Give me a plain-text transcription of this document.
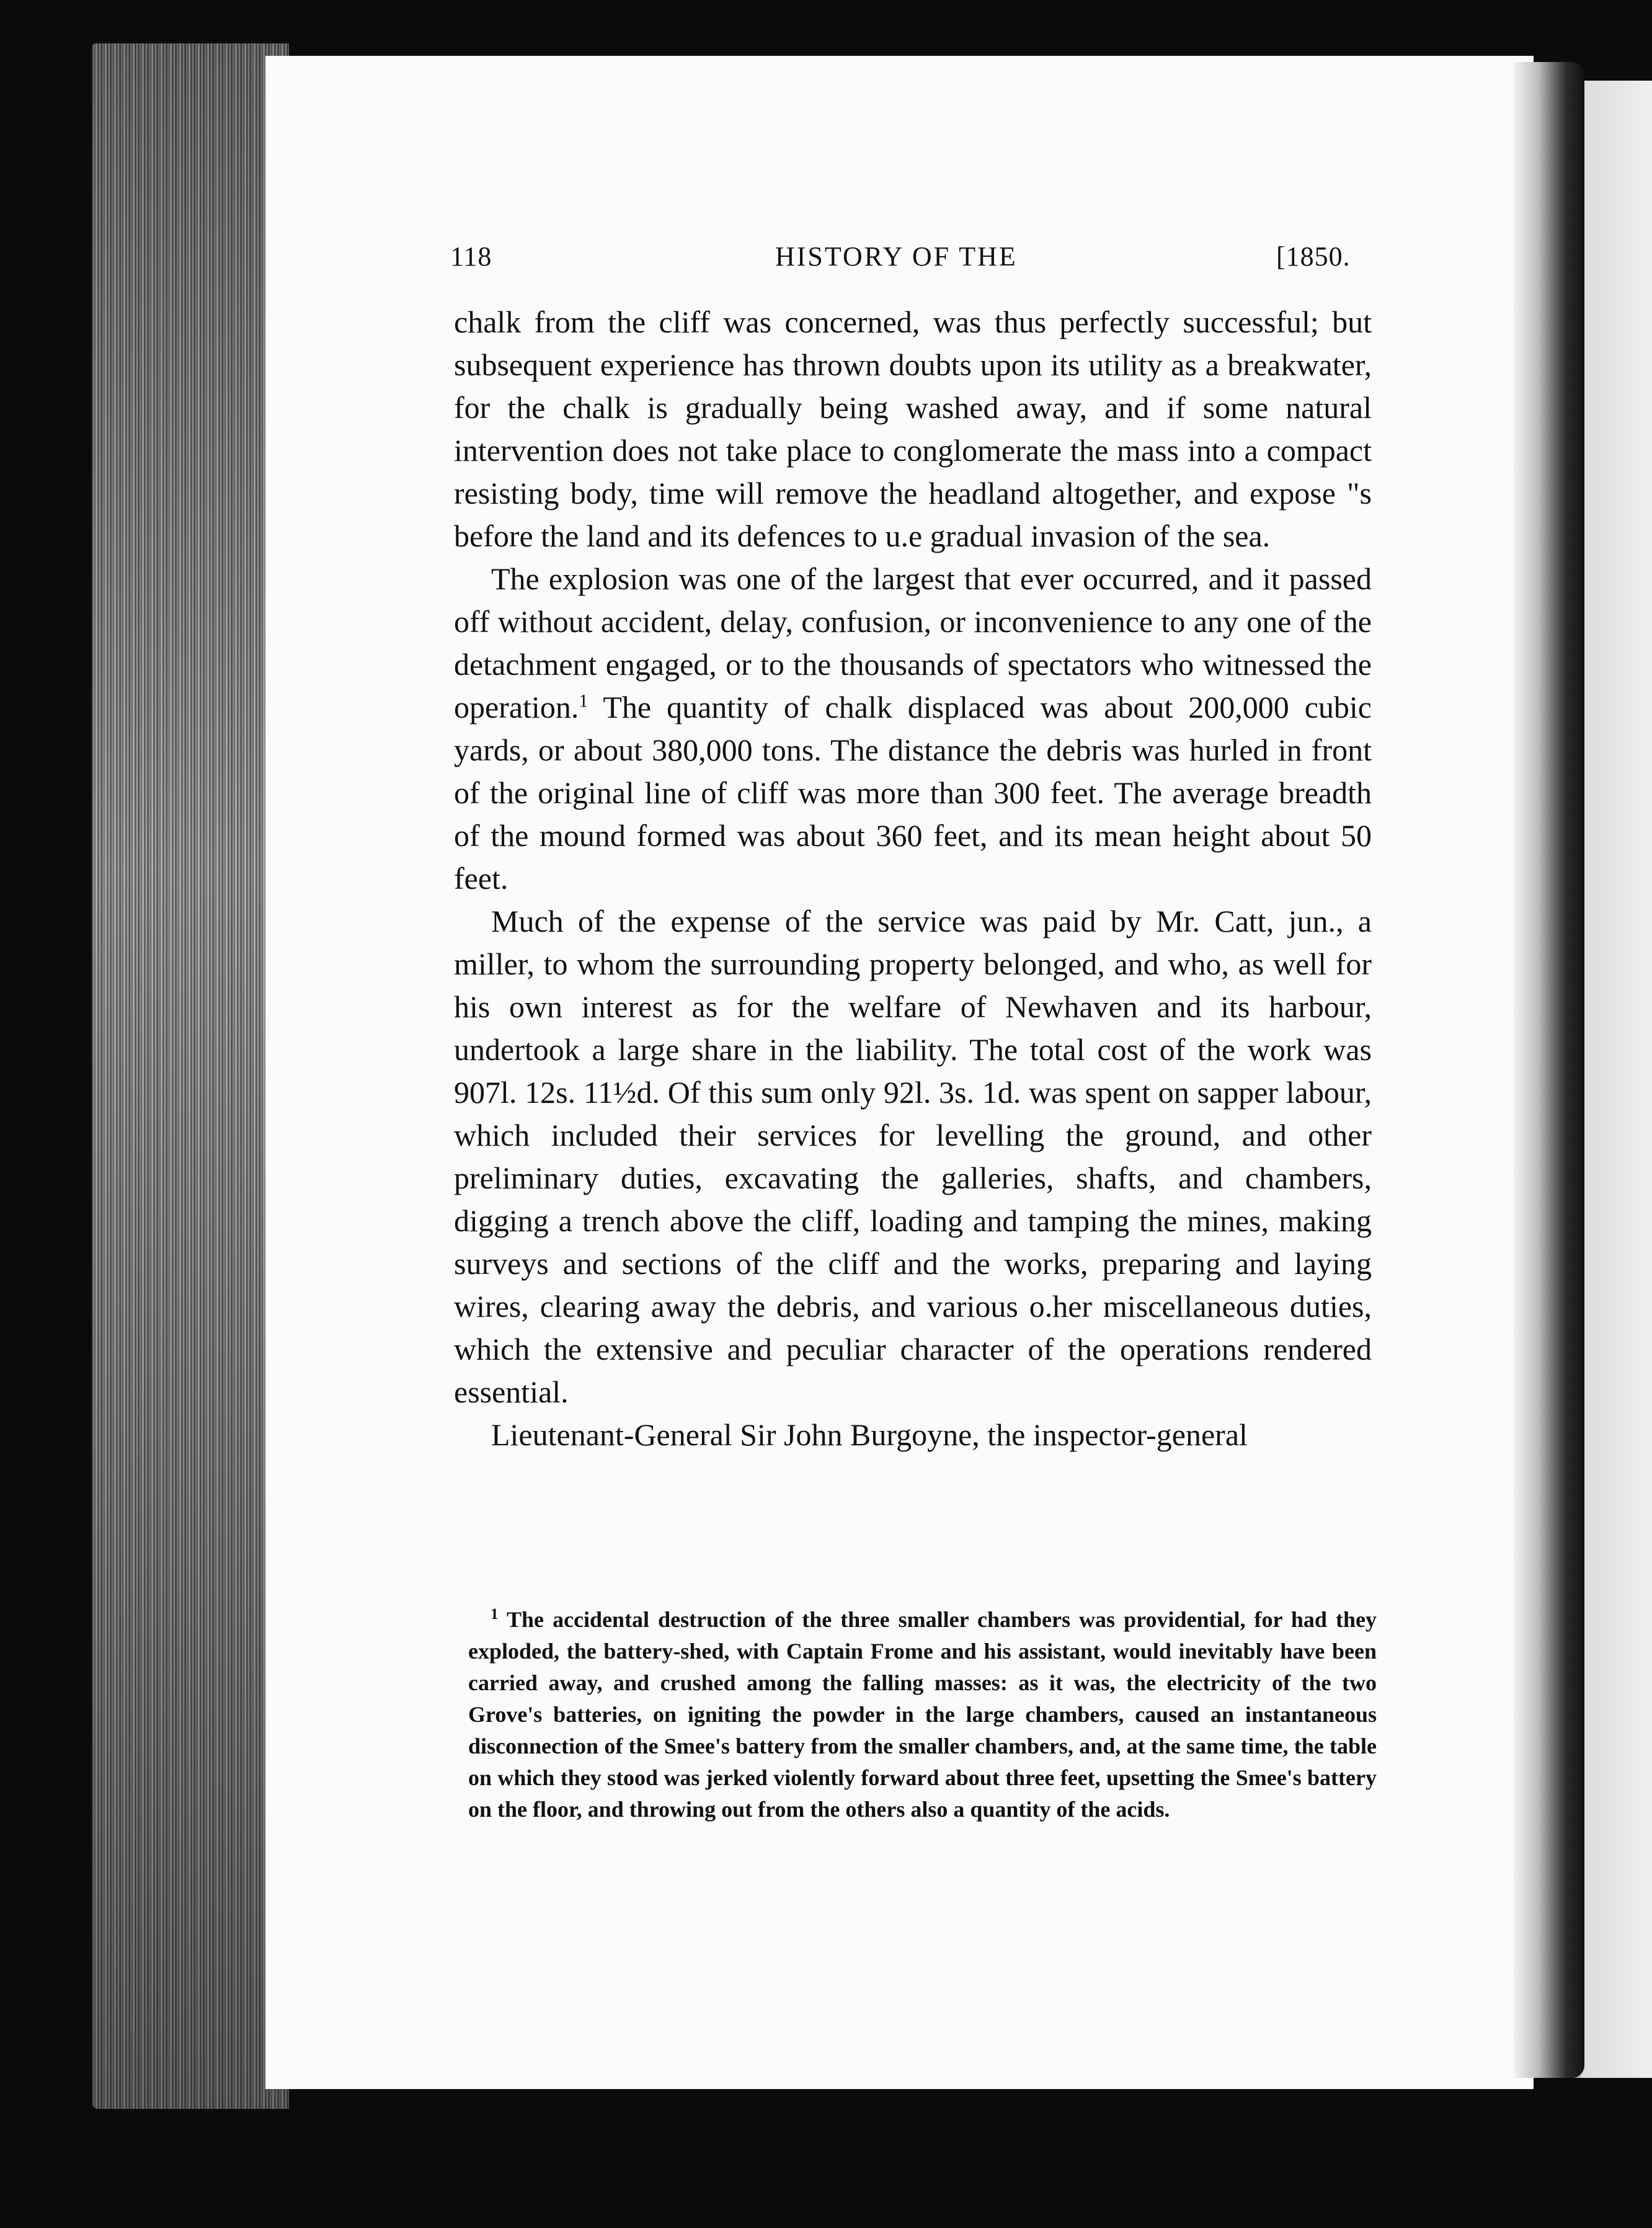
118	HISTORY OF THE	[1850.

chalk from the cliff was concerned, was thus perfectly successful; but subsequent experience has thrown doubts upon its utility as a breakwater, for the chalk is gradually being washed away, and if some natural intervention does not take place to conglomerate the mass into a compact resisting body, time will remove the headland altogether, and expose "s before the land and its defences to u.e gradual invasion of the sea.

The explosion was one of the largest that ever occurred, and it passed off without accident, delay, confusion, or inconvenience to any one of the detachment engaged, or to the thousands of spectators who witnessed the operation.$^1$ The quantity of chalk displaced was about 200,000 cubic yards, or about 380,000 tons. The distance the debris was hurled in front of the original line of cliff was more than 300 feet. The average breadth of the mound formed was about 360 feet, and its mean height about 50 feet.

Much of the expense of the service was paid by Mr. Catt, jun., a miller, to whom the surrounding property belonged, and who, as well for his own interest as for the welfare of Newhaven and its harbour, undertook a large share in the liability. The total cost of the work was 907l. 12s. 11½d. Of this sum only 92l. 3s. 1d. was spent on sapper labour, which included their services for levelling the ground, and other preliminary duties, excavating the galleries, shafts, and chambers, digging a trench above the cliff, loading and tamping the mines, making surveys and sections of the cliff and the works, preparing and laying wires, clearing away the debris, and various o.her miscellaneous duties, which the extensive and peculiar character of the operations rendered essential.

Lieutenant-General Sir John Burgoyne, the inspector-general

$^1$ The accidental destruction of the three smaller chambers was providential, for had they exploded, the battery-shed, with Captain Frome and his assistant, would inevitably have been carried away, and crushed among the falling masses: as it was, the electricity of the two Grove's batteries, on igniting the powder in the large chambers, caused an instantaneous disconnection of the Smee's battery from the smaller chambers, and, at the same time, the table on which they stood was jerked violently forward about three feet, upsetting the Smee's battery on the floor, and throwing out from the others also a quantity of the acids.
